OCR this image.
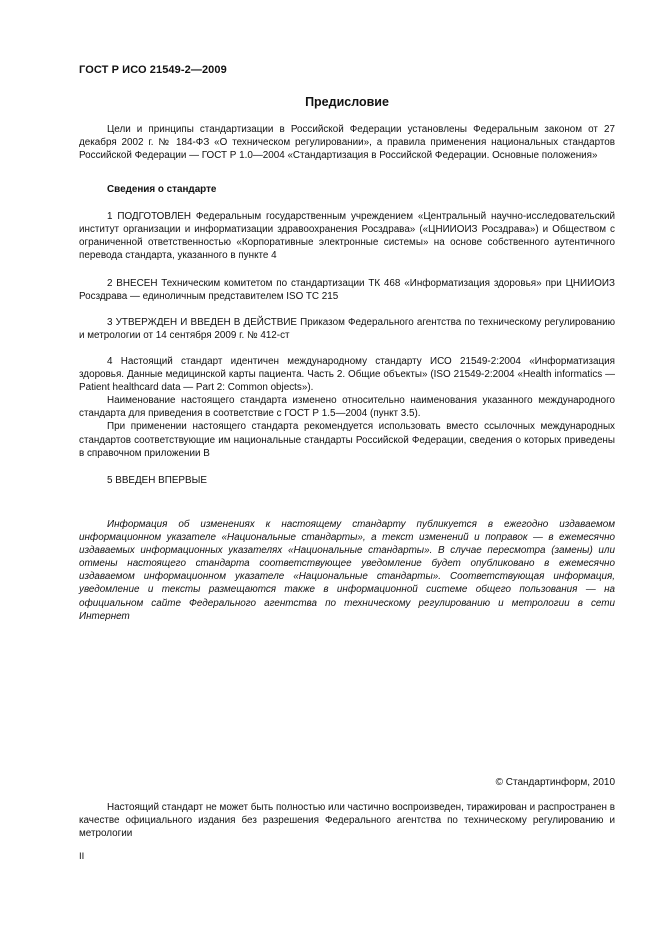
ГОСТ Р ИСО 21549-2—2009
Предисловие

Цели и принципы стандартизации в Российской Федерации установлены Федеральным законом от 27 декабря 2002 г. № 184-ФЗ «О техническом регулировании», а правила применения национальных стандартов Российской Федерации — ГОСТ Р 1.0—2004 «Стандартизация в Российской Федерации. Основные положения»

Сведения о стандарте

1 ПОДГОТОВЛЕН Федеральным государственным учреждением «Центральный научно-исследовательский институт организации и информатизации здравоохранения Росздрава» («ЦНИИОИЗ Росздрава») и Обществом с ограниченной ответственностью «Корпоративные электронные системы» на основе собственного аутентичного перевода стандарта, указанного в пункте 4

2 ВНЕСЕН Техническим комитетом по стандартизации ТК 468 «Информатизация здоровья» при ЦНИИОИЗ Росздрава — единоличным представителем ISO TC 215

3 УТВЕРЖДЕН И ВВЕДЕН В ДЕЙСТВИЕ Приказом Федерального агентства по техническому регулированию и метрологии от 14 сентября 2009 г. № 412-ст

4 Настоящий стандарт идентичен международному стандарту ИСО 21549-2:2004 «Информатизация здоровья. Данные медицинской карты пациента. Часть 2. Общие объекты» (ISO 21549-2:2004 «Health informatics — Patient healthcard data — Part 2: Common objects»).

Наименование настоящего стандарта изменено относительно наименования указанного международного стандарта для приведения в соответствие с ГОСТ Р 1.5—2004 (пункт 3.5).

При применении настоящего стандарта рекомендуется использовать вместо ссылочных международных стандартов соответствующие им национальные стандарты Российской Федерации, сведения о которых приведены в справочном приложении В

5 ВВЕДЕН ВПЕРВЫЕ

Информация об изменениях к настоящему стандарту публикуется в ежегодно издаваемом информационном указателе «Национальные стандарты», а текст изменений и поправок — в ежемесячно издаваемых информационных указателях «Национальные стандарты». В случае пересмотра (замены) или отмены настоящего стандарта соответствующее уведомление будет опубликовано в ежемесячно издаваемом информационном указателе «Национальные стандарты». Соответствующая информация, уведомление и тексты размещаются также в информационной системе общего пользования — на официальном сайте Федерального агентства по техническому регулированию и метрологии в сети Интернет

© Стандартинформ, 2010

Настоящий стандарт не может быть полностью или частично воспроизведен, тиражирован и распространен в качестве официального издания без разрешения Федерального агентства по техническому регулированию и метрологии

II
